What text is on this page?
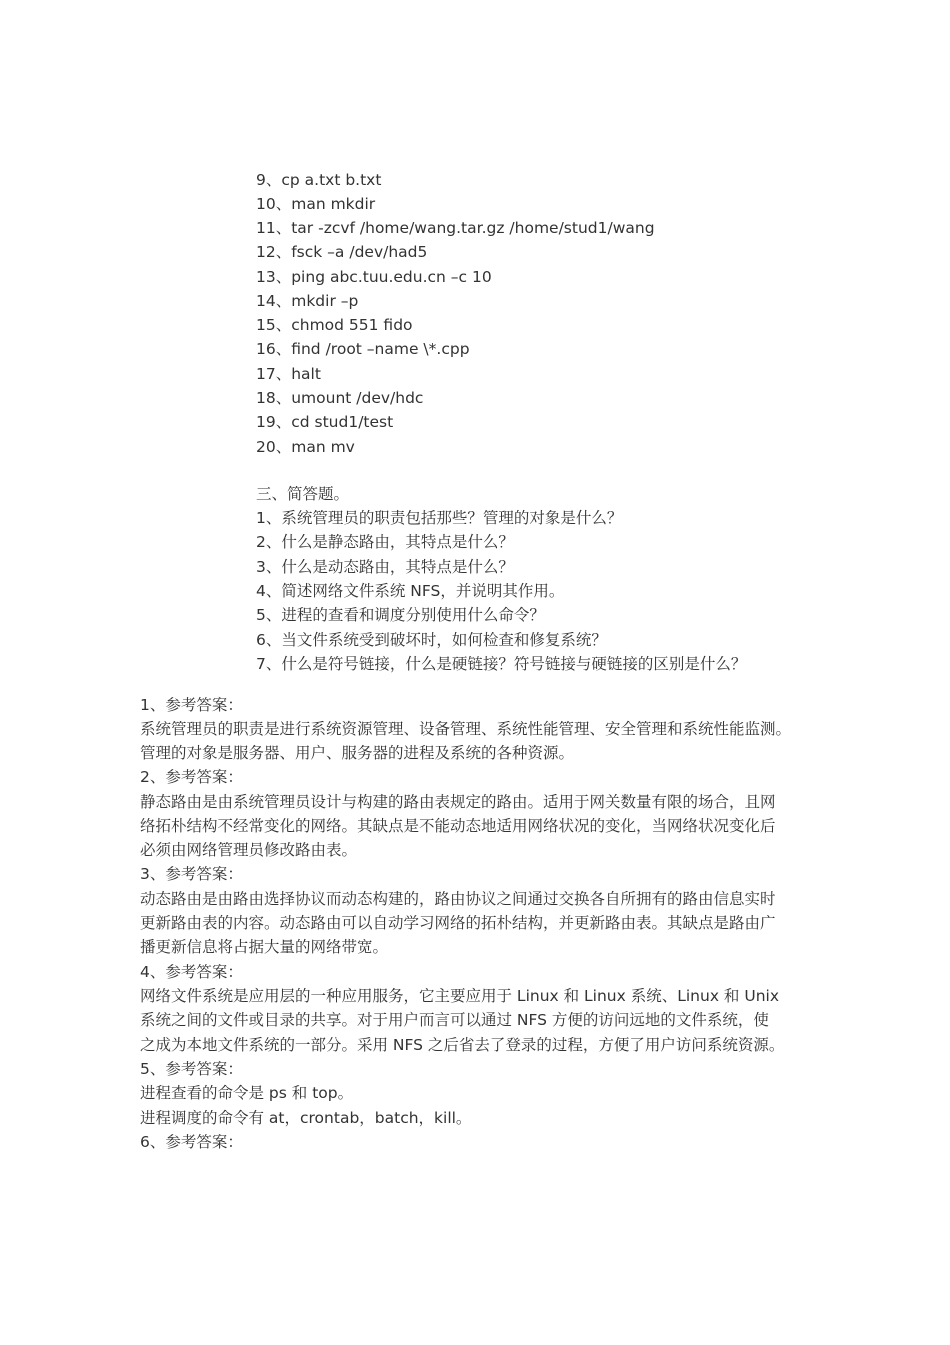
9、cp a.txt b.txt
10、man mkdir
11、tar -zcvf /home/wang.tar.gz /home/stud1/wang
12、fsck –a /dev/had5
13、ping abc.tuu.edu.cn –c 10
14、mkdir –p
15、chmod 551 fido
16、find /root –name \*.cpp
17、halt
18、umount /dev/hdc
19、cd stud1/test
20、man mv
三、简答题。
1、系统管理员的职责包括那些？管理的对象是什么？
2、什么是静态路由，其特点是什么？
3、什么是动态路由，其特点是什么？
4、简述网络文件系统 NFS，并说明其作用。
5、进程的查看和调度分别使用什么命令？
6、当文件系统受到破坏时，如何检查和修复系统？
7、什么是符号链接，什么是硬链接？符号链接与硬链接的区别是什么？
1、参考答案：
系统管理员的职责是进行系统资源管理、设备管理、系统性能管理、安全管理和系统性能监测。
管理的对象是服务器、用户、服务器的进程及系统的各种资源。
2、参考答案：
静态路由是由系统管理员设计与构建的路由表规定的路由。适用于网关数量有限的场合，且网
络拓朴结构不经常变化的网络。其缺点是不能动态地适用网络状况的变化，当网络状况变化后
必须由网络管理员修改路由表。
3、参考答案：
动态路由是由路由选择协议而动态构建的，路由协议之间通过交换各自所拥有的路由信息实时
更新路由表的内容。动态路由可以自动学习网络的拓朴结构，并更新路由表。其缺点是路由广
播更新信息将占据大量的网络带宽。
4、参考答案：
网络文件系统是应用层的一种应用服务，它主要应用于 Linux 和 Linux 系统、Linux 和 Unix
系统之间的文件或目录的共享。对于用户而言可以通过 NFS 方便的访问远地的文件系统，使
之成为本地文件系统的一部分。采用 NFS 之后省去了登录的过程，方便了用户访问系统资源。
5、参考答案：
进程查看的命令是 ps 和 top。
进程调度的命令有 at，crontab，batch，kill。
6、参考答案：
